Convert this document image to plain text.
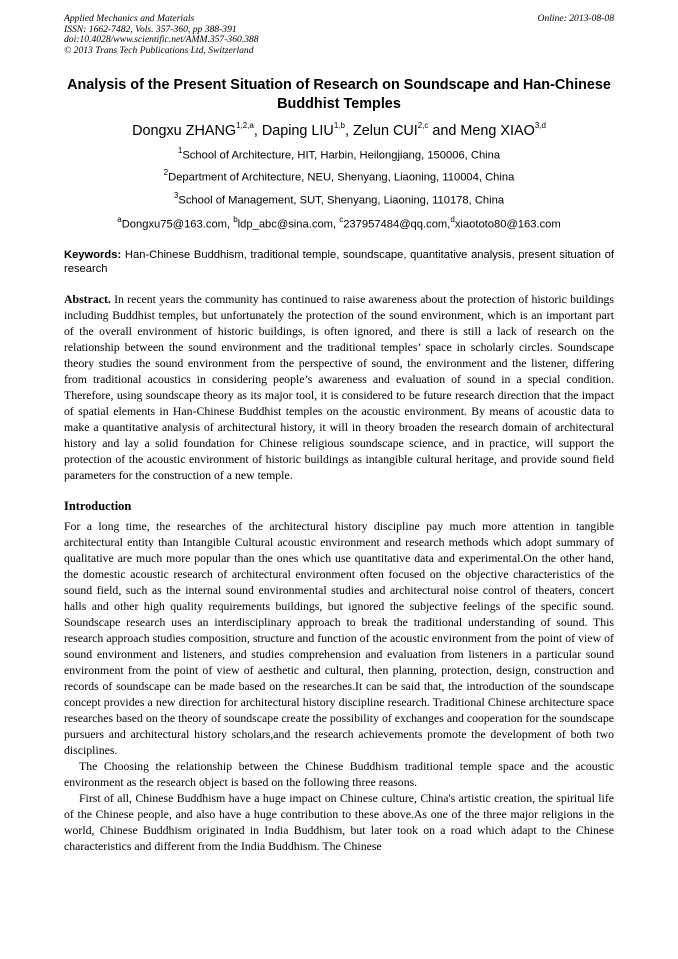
Applied Mechanics and Materials
ISSN: 1662-7482, Vols. 357-360, pp 388-391
doi:10.4028/www.scientific.net/AMM.357-360.388
© 2013 Trans Tech Publications Ltd, Switzerland
Online: 2013-08-08
Analysis of the Present Situation of Research on Soundscape and Han-Chinese Buddhist Temples
Dongxu ZHANG$^{1,2,a}$, Daping LIU$^{1,b}$, Zelun CUI$^{2,c}$ and Meng XIAO$^{3,d}$
$^1$School of Architecture, HIT, Harbin, Heilongjiang, 150006, China
$^2$Department of Architecture, NEU, Shenyang, Liaoning, 110004, China
$^3$School of Management, SUT, Shenyang, Liaoning, 110178, China
$^a$Dongxu75@163.com, $^b$ldp_abc@sina.com, $^c$237957484@qq.com,$^d$xiaototo80@163.com
Keywords: Han-Chinese Buddhism, traditional temple, soundscape, quantitative analysis, present situation of research
Abstract. In recent years the community has continued to raise awareness about the protection of historic buildings including Buddhist temples, but unfortunately the protection of the sound environment, which is an important part of the overall environment of historic buildings, is often ignored, and there is still a lack of research on the relationship between the sound environment and the traditional temples’ space in scholarly circles. Soundscape theory studies the sound environment from the perspective of sound, the environment and the listener, differing from traditional acoustics in considering people’s awareness and evaluation of sound in a special condition. Therefore, using soundscape theory as its major tool, it is considered to be future research direction that the impact of spatial elements in Han-Chinese Buddhist temples on the acoustic environment. By means of acoustic data to make a quantitative analysis of architectural history, it will in theory broaden the research domain of architectural history and lay a solid foundation for Chinese religious soundscape science, and in practice, will support the protection of the acoustic environment of historic buildings as intangible cultural heritage, and provide sound field parameters for the construction of a new temple.
Introduction
For a long time, the researches of the architectural history discipline pay much more attention in tangible architectural entity than Intangible Cultural acoustic environment and research methods which adopt summary of qualitative are much more popular than the ones which use quantitative data and experimental.On the other hand, the domestic acoustic research of architectural environment often focused on the objective characteristics of the sound field, such as the internal sound environmental studies and architectural noise control of theaters, concert halls and other high quality requirements buildings, but ignored the subjective feelings of the specific sound. Soundscape research uses an interdisciplinary approach to break the traditional understanding of sound. This research approach studies composition, structure and function of the acoustic environment from the point of view of sound environment and listeners, and studies comprehension and evaluation from listeners in a particular sound environment from the point of view of aesthetic and cultural, then planning, protection, design, construction and records of soundscape can be made based on the researches.It can be said that, the introduction of the soundscape concept provides a new direction for architectural history discipline research. Traditional Chinese architecture space researches based on the theory of soundscape create the possibility of exchanges and cooperation for the soundscape pursuers and architectural history scholars,and the research achievements promote the development of both two disciplines.
The Choosing the relationship between the Chinese Buddhism traditional temple space and the acoustic environment as the research object is based on the following three reasons.
First of all, Chinese Buddhism have a huge impact on Chinese culture, China's artistic creation, the spiritual life of the Chinese people, and also have a huge contribution to these above.As one of the three major religions in the world, Chinese Buddhism originated in India Buddhism, but later took on a road which adapt to the Chinese characteristics and different from the India Buddhism. The Chinese
